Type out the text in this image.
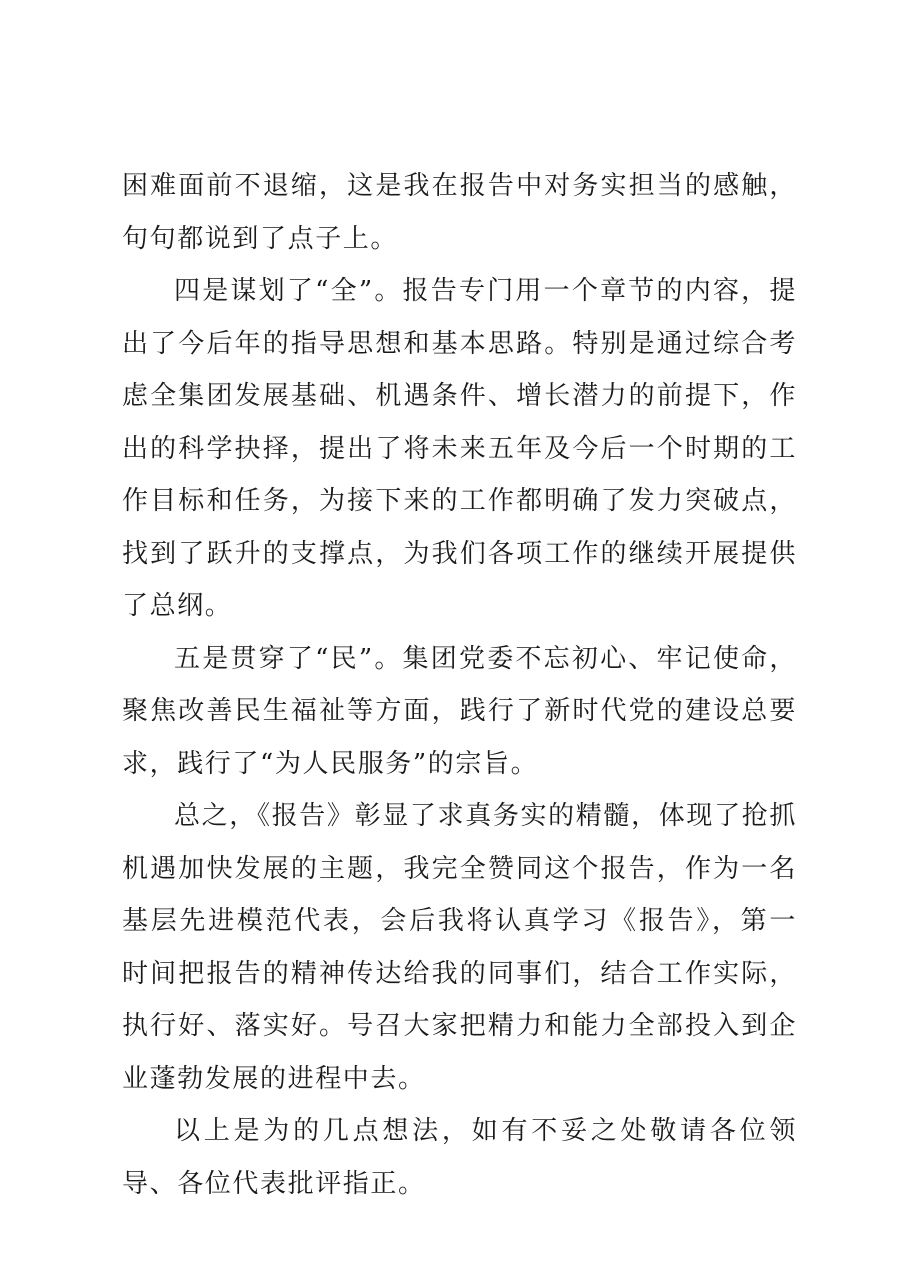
困难面前不退缩，这是我在报告中对务实担当的感触，句句都说到了点子上。

四是谋划了“全”。报告专门用一个章节的内容，提出了今后年的指导思想和基本思路。特别是通过综合考虑全集团发展基础、机遇条件、增长潜力的前提下，作出的科学抉择，提出了将未来五年及今后一个时期的工作目标和任务，为接下来的工作都明确了发力突破点，找到了跃升的支撑点，为我们各项工作的继续开展提供了总纲。

五是贯穿了“民”。集团党委不忘初心、牢记使命，聚焦改善民生福祉等方面，践行了新时代党的建设总要求，践行了“为人民服务”的宗旨。

总之，《报告》彰显了求真务实的精髓，体现了抢抓机遇加快发展的主题，我完全赞同这个报告，作为一名基层先进模范代表，会后我将认真学习《报告》，第一时间把报告的精神传达给我的同事们，结合工作实际，执行好、落实好。号召大家把精力和能力全部投入到企业蓬勃发展的进程中去。

以上是为的几点想法，如有不妥之处敬请各位领导、各位代表批评指正。
